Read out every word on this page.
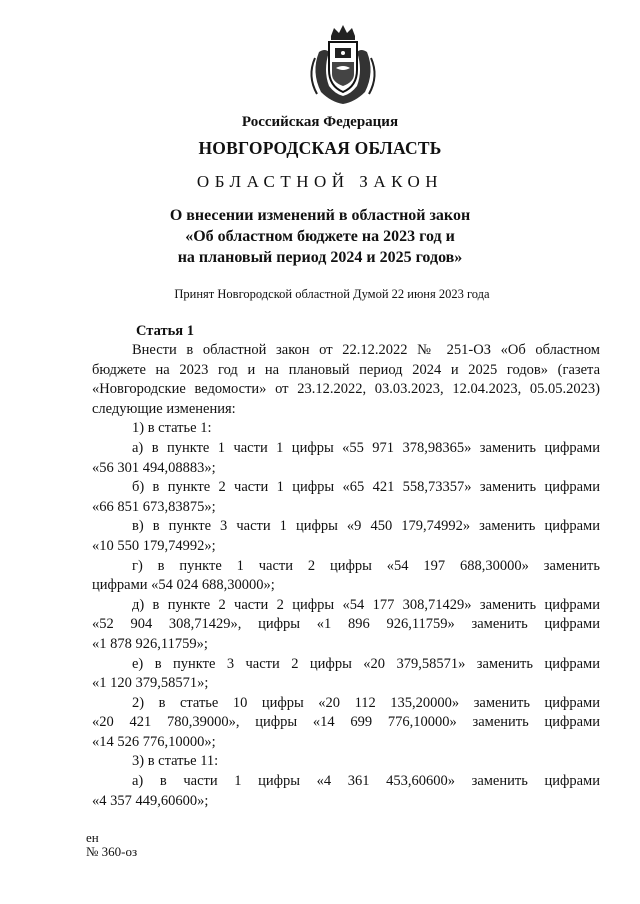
Российская Федерация
НОВГОРОДСКАЯ ОБЛАСТЬ
ОБЛАСТНОЙ ЗАКОН
О внесении изменений в областной закон
«Об областном бюджете на 2023 год и
на плановый период 2024 и 2025 годов»
Принят Новгородской областной Думой 22 июня 2023 года
Статья 1
Внести в областной закон от 22.12.2022 № 251-ОЗ «Об областном
бюджете на 2023 год и на плановый период 2024 и 2025 годов» (газета
«Новгородские ведомости» от 23.12.2022, 03.03.2023, 12.04.2023, 05.05.2023)
следующие изменения:
1) в статье 1:
а) в пункте 1 части 1 цифры «55 971 378,98365» заменить цифрами
«56 301 494,08883»;
б) в пункте 2 части 1 цифры «65 421 558,73357» заменить цифрами
«66 851 673,83875»;
в) в пункте 3 части 1 цифры «9 450 179,74992» заменить цифрами
«10 550 179,74992»;
г) в пункте 1 части 2 цифры «54 197 688,30000» заменить
цифрами «54 024 688,30000»;
д) в пункте 2 части 2 цифры «54 177 308,71429» заменить цифрами
«52 904 308,71429», цифры «1 896 926,11759» заменить цифрами
«1 878 926,11759»;
е) в пункте 3 части 2 цифры «20 379,58571» заменить цифрами
«1 120 379,58571»;
2) в статье 10 цифры «20 112 135,20000» заменить цифрами
«20 421 780,39000», цифры «14 699 776,10000» заменить цифрами
«14 526 776,10000»;
3) в статье 11:
а) в части 1 цифры «4 361 453,60600» заменить цифрами
«4 357 449,60600»;
ен
№ 360-оз
